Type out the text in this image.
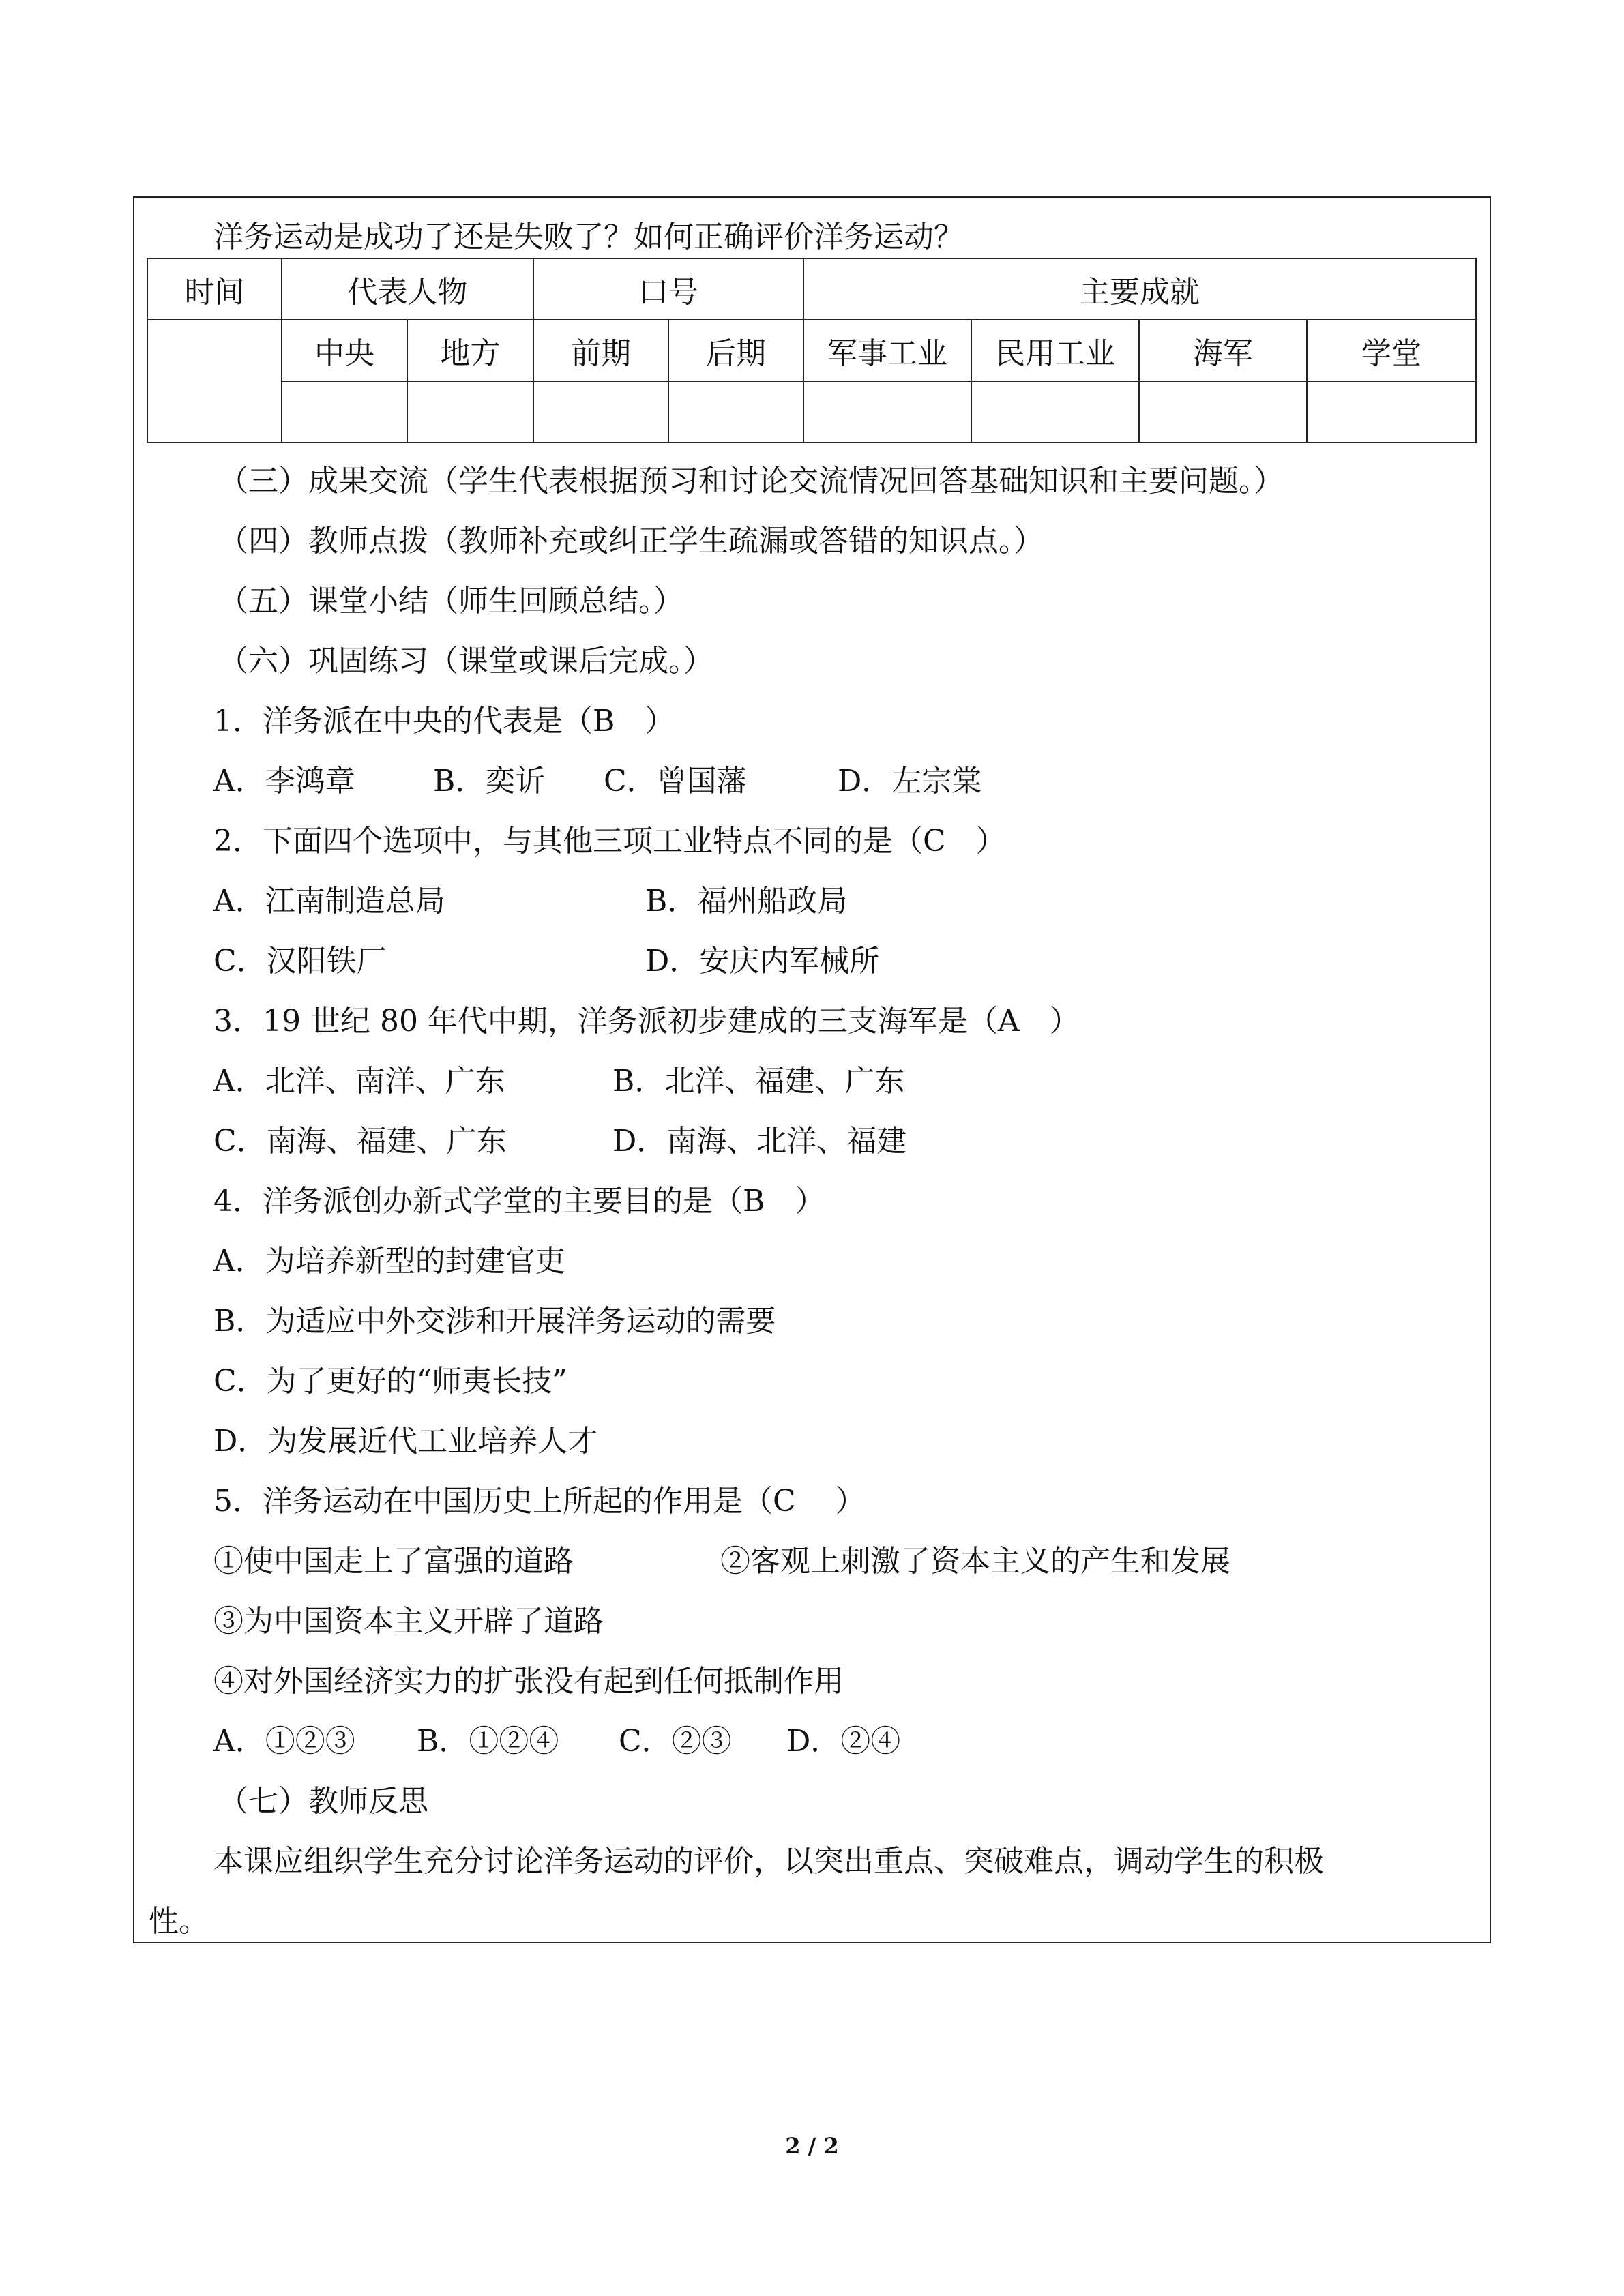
洋务运动是成功了还是失败了？如何正确评价洋务运动？
时间	代表人物		口号		主要成就			
	中央	地方	前期	后期	军事工业	民用工业	海军	学堂

（三）成果交流（学生代表根据预习和讨论交流情况回答基础知识和主要问题。）
（四）教师点拨（教师补充或纠正学生疏漏或答错的知识点。）
（五）课堂小结（师生回顾总结。）
（六）巩固练习（课堂或课后完成。）
1．洋务派在中央的代表是（B　）
A．李鸿章	B．奕䜣 C．曾国藩	D．左宗棠
2．下面四个选项中，与其他三项工业特点不同的是（C　）
A．江南制造总局	B．福州船政局
C．汉阳铁厂	D．安庆内军械所
3．19 世纪 80 年代中期，洋务派初步建成的三支海军是（A　）
A．北洋、南洋、广东	B．北洋、福建、广东
C．南海、福建、广东	D．南海、北洋、福建
4．洋务派创办新式学堂的主要目的是（B　）
A．为培养新型的封建官吏
B．为适应中外交涉和开展洋务运动的需要
C．为了更好的“师夷长技”
D．为发展近代工业培养人才
5．洋务运动在中国历史上所起的作用是（C　 ）
①使中国走上了富强的道路	②客观上刺激了资本主义的产生和发展
③为中国资本主义开辟了道路
④对外国经济实力的扩张没有起到任何抵制作用
A．①②③ B．①②④ C．②③ D．②④
（七）教师反思
本课应组织学生充分讨论洋务运动的评价，以突出重点、突破难点，调动学生的积极
性。
2 / 2
